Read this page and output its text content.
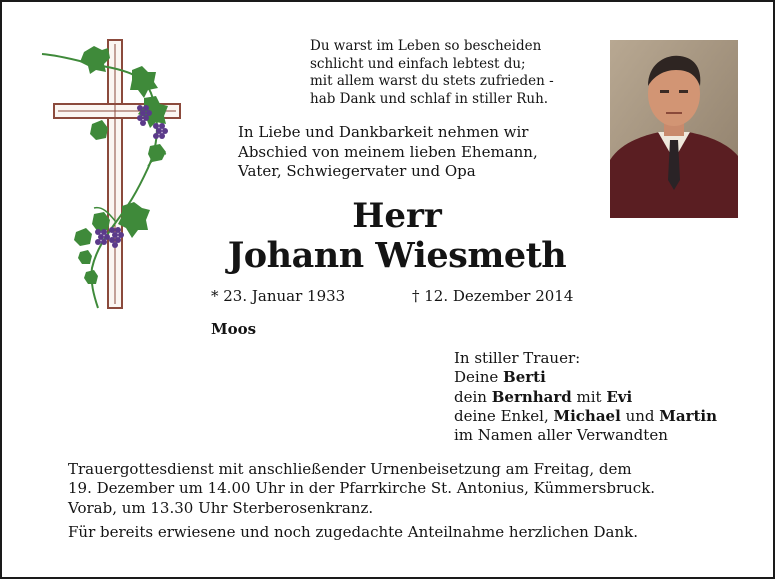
Du warst im Leben so bescheiden
schlicht und einfach lebtest du;
mit allem warst du stets zufrieden -
hab Dank und schlaf in stiller Ruh.
In Liebe und Dankbarkeit nehmen wir
Abschied von meinem lieben Ehemann,
Vater, Schwiegervater und Opa
Herr
Johann Wiesmeth
* 23. Januar 1933	† 12. Dezember 2014
Moos
In stiller Trauer:
Deine Berti
dein Bernhard mit Evi
deine Enkel, Michael und Martin
im Namen aller Verwandten
Trauergottesdienst mit anschließender Urnenbeisetzung am Freitag, dem
19. Dezember um 14.00 Uhr in der Pfarrkirche St. Antonius, Kümmersbruck.
Vorab, um 13.30 Uhr Sterberosenkranz.
Für bereits erwiesene und noch zugedachte Anteilnahme herzlichen Dank.
